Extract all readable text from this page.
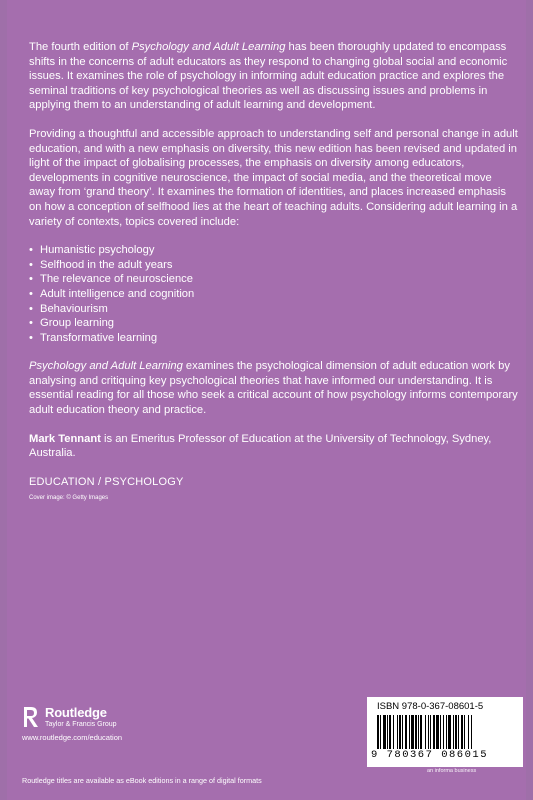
The fourth edition of Psychology and Adult Learning has been thoroughly updated to encompass shifts in the concerns of adult educators as they respond to changing global social and economic issues. It examines the role of psychology in informing adult education practice and explores the seminal traditions of key psychological theories as well as discussing issues and problems in applying them to an understanding of adult learning and development.

Providing a thoughtful and accessible approach to understanding self and personal change in adult education, and with a new emphasis on diversity, this new edition has been revised and updated in light of the impact of globalising processes, the emphasis on diversity among educators, developments in cognitive neuroscience, the impact of social media, and the theoretical move away from ‘grand theory’. It examines the formation of identities, and places increased emphasis on how a conception of selfhood lies at the heart of teaching adults. Considering adult learning in a variety of contexts, topics covered include:

• Humanistic psychology
• Selfhood in the adult years
• The relevance of neuroscience
• Adult intelligence and cognition
• Behaviourism
• Group learning
• Transformative learning

Psychology and Adult Learning examines the psychological dimension of adult education work by analysing and critiquing key psychological theories that have informed our understanding. It is essential reading for all those who seek a critical account of how psychology informs contemporary adult education theory and practice.

Mark Tennant is an Emeritus Professor of Education at the University of Technology, Sydney, Australia.

EDUCATION / PSYCHOLOGY

Cover image: © Getty Images

Routledge
Taylor & Francis Group
www.routledge.com/education
ISBN 978-0-367-08601-5
9 780367 086015
an informa business
Routledge titles are available as eBook editions in a range of digital formats
